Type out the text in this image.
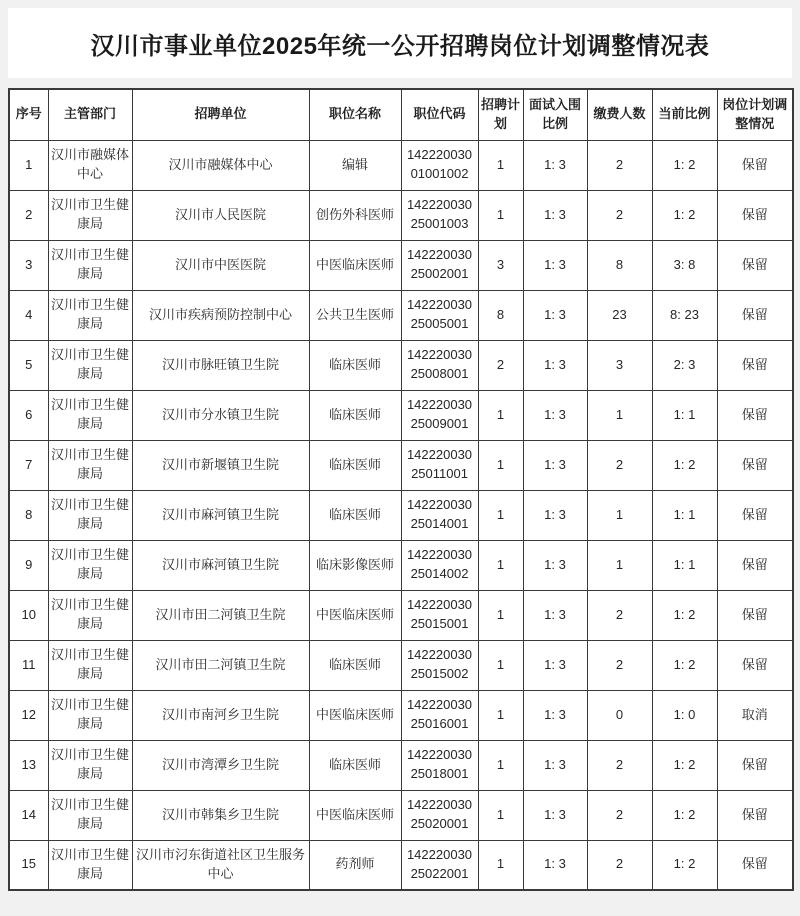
汉川市事业单位2025年统一公开招聘岗位计划调整情况表
序号	主管部门	招聘单位	职位名称	职位代码	招聘计划	面试入围比例	缴费人数	当前比例	岗位计划调整情况
1	汉川市融媒体中心	汉川市融媒体中心	编辑	14222003001001002	1	1: 3	2	1: 2	保留
2	汉川市卫生健康局	汉川市人民医院	创伤外科医师	14222003025001003	1	1: 3	2	1: 2	保留
3	汉川市卫生健康局	汉川市中医医院	中医临床医师	14222003025002001	3	1: 3	8	3: 8	保留
4	汉川市卫生健康局	汉川市疾病预防控制中心	公共卫生医师	14222003025005001	8	1: 3	23	8: 23	保留
5	汉川市卫生健康局	汉川市脉旺镇卫生院	临床医师	14222003025008001	2	1: 3	3	2: 3	保留
6	汉川市卫生健康局	汉川市分水镇卫生院	临床医师	14222003025009001	1	1: 3	1	1: 1	保留
7	汉川市卫生健康局	汉川市新堰镇卫生院	临床医师	14222003025011001	1	1: 3	2	1: 2	保留
8	汉川市卫生健康局	汉川市麻河镇卫生院	临床医师	14222003025014001	1	1: 3	1	1: 1	保留
9	汉川市卫生健康局	汉川市麻河镇卫生院	临床影像医师	14222003025014002	1	1: 3	1	1: 1	保留
10	汉川市卫生健康局	汉川市田二河镇卫生院	中医临床医师	14222003025015001	1	1: 3	2	1: 2	保留
11	汉川市卫生健康局	汉川市田二河镇卫生院	临床医师	14222003025015002	1	1: 3	2	1: 2	保留
12	汉川市卫生健康局	汉川市南河乡卫生院	中医临床医师	14222003025016001	1	1: 3	0	1: 0	取消
13	汉川市卫生健康局	汉川市湾潭乡卫生院	临床医师	14222003025018001	1	1: 3	2	1: 2	保留
14	汉川市卫生健康局	汉川市韩集乡卫生院	中医临床医师	14222003025020001	1	1: 3	2	1: 2	保留
15	汉川市卫生健康局	汉川市汈东街道社区卫生服务中心	药剂师	14222003025022001	1	1: 3	2	1: 2	保留
